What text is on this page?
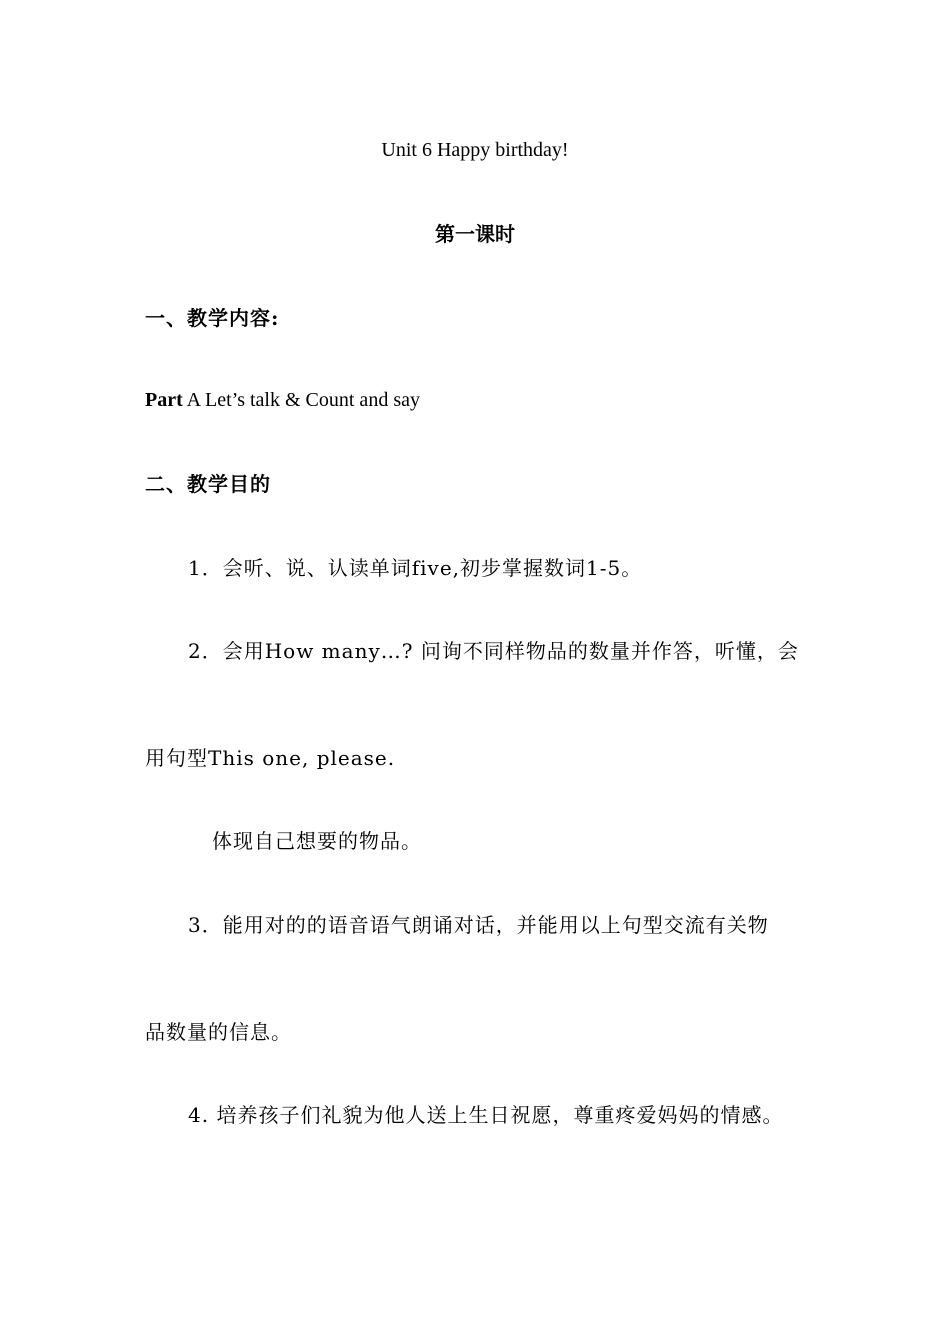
Unit 6 Happy birthday!
第一课时
一、教学内容:
Part A Let’s talk & Count and say
二、教学目的
1．会听、说、认读单词five,初步掌握数词1-5。
2．会用How many…? 问询不同样物品的数量并作答，听懂，会
用句型This one, please.
体现自己想要的物品。
3．能用对的的语音语气朗诵对话，并能用以上句型交流有关物
品数量的信息。
4. 培养孩子们礼貌为他人送上生日祝愿，尊重疼爱妈妈的情感。
